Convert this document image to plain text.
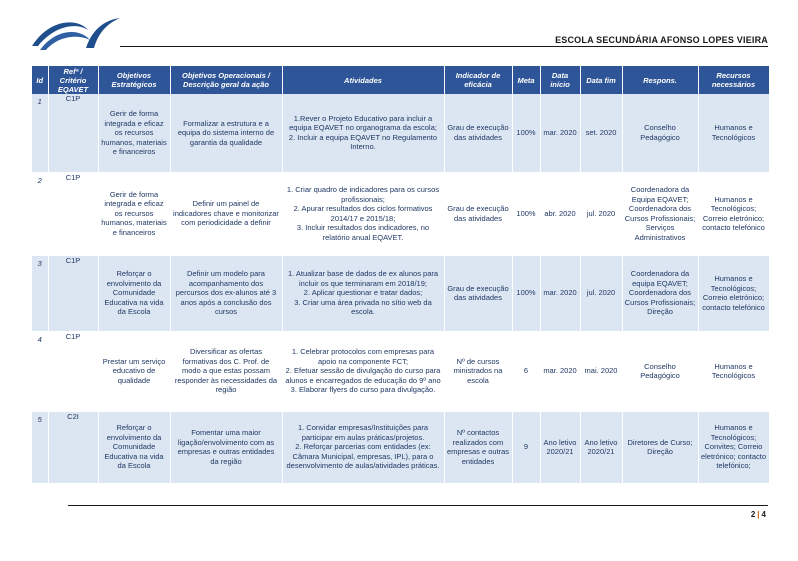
ESCOLA SECUNDÁRIA AFONSO LOPES VIEIRA
Id	Refª / Critério EQAVET	Objetivos Estratégicos	Objetivos Operacionais / Descrição geral da ação	Atividades	Indicador de eficácia	Meta	Data início	Data fim	Respons.	Recursos necessários
1	C1P	Gerir de forma integrada e eficaz os recursos humanos, materiais e financeiros	Formalizar a estrutura e a equipa do sistema interno de garantia da qualidade	1.Rever o Projeto Educativo para incluir a equipa EQAVET no organograma da escola;
2. Incluir a equipa EQAVET no Regulamento Interno.	Grau de execução das atividades	100%	mar. 2020	set. 2020	Conselho Pedagógico	Humanos e Tecnológicos
2	C1P	Gerir de forma integrada e eficaz os recursos humanos, materiais e financeiros	Definir um painel de indicadores chave e monitorizar com periodicidade a definir	1. Criar quadro de indicadores para os cursos profissionais;
2. Apurar resultados dos ciclos formativos 2014/17 e 2015/18;
3. Incluir resultados dos indicadores, no relatório anual EQAVET.	Grau de execução das atividades	100%	abr. 2020	jul. 2020	Coordenadora da Equipa EQAVET; Coordenadora dos Cursos Profissionais; Serviços Administrativos	Humanos e Tecnológicos; Correio eletrónico; contacto telefónico
3	C1P	Reforçar o envolvimento da Comunidade Educativa na vida da Escola	Definir um modelo para acompanhamento dos percursos dos ex-alunos até 3 anos após a conclusão dos cursos	1. Atualizar base de dados de ex alunos para incluir os que terminaram em 2018/19;
2. Aplicar questionar e tratar dados;
3. Criar uma área privada no sítio web da escola.	Grau de execução das atividades	100%	mar. 2020	jul. 2020	Coordenadora da equipa EQAVET; Coordenadora dos Cursos Profissionais; Direção	Humanos e Tecnológicos; Correio eletrónico; contacto telefónico
4	C1P	Prestar um serviço educativo de qualidade	Diversificar as ofertas formativas dos C. Prof. de modo a que estas possam responder às necessidades da região	1. Celebrar protocolos com empresas para apoio na componente FCT;
2. Efetuar sessão de divulgação do curso para alunos e encarregados de educação do 9º ano
3. Elaborar flyers do curso para divulgação.	Nº de cursos ministrados na escola	6	mar. 2020	mai. 2020	Conselho Pedagógico	Humanos e Tecnológicos
5	C2I	Reforçar o envolvimento da Comunidade Educativa na vida da Escola	Fomentar uma maior ligação/envolvimento com as empresas e outras entidades da região	1. Convidar empresas/Instituições para participar em aulas práticas/projetos.
2. Reforçar parcerias com entidades (ex: Câmara Municipal, empresas, IPL), para o desenvolvimento de aulas/atividades práticas.	Nº contactos realizados com empresas e outras entidades	9	Ano letivo 2020/21	Ano letivo 2020/21	Diretores de Curso; Direção	Humanos e Tecnológicos; Convites; Correio eletrónico; contacto telefónico;
2 | 4
